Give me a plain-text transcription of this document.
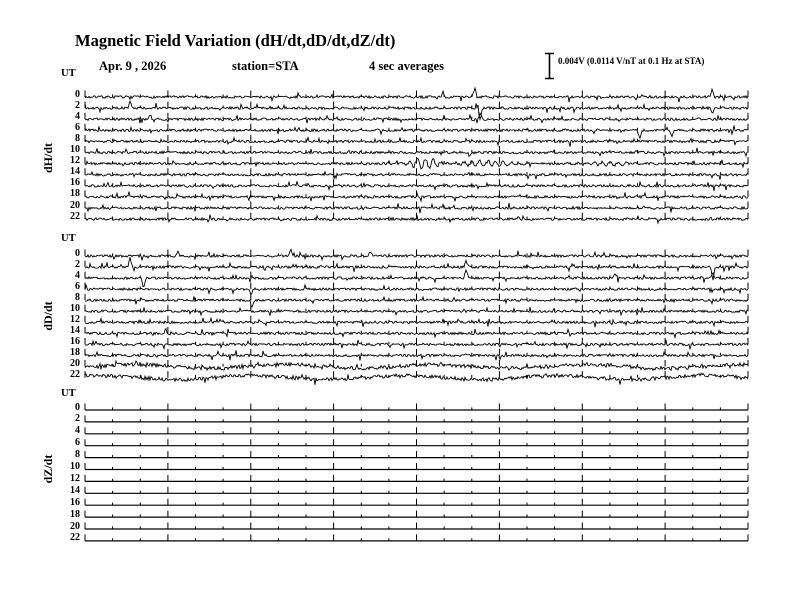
Magnetic Field Variation (dH/dt,dD/dt,dZ/dt)
Apr. 9 , 2026	station=STA	4 sec averages	0.004V (0.0114 V/nT at 0.1 Hz at STA)
UT
UT
UT
dH/dt
dD/dt
dZ/dt
0
2
4
6
8
10
12
14
16
18
20
22
0
2
4
6
8
10
12
14
16
18
20
22
0
2
4
6
8
10
12
14
16
18
20
22
